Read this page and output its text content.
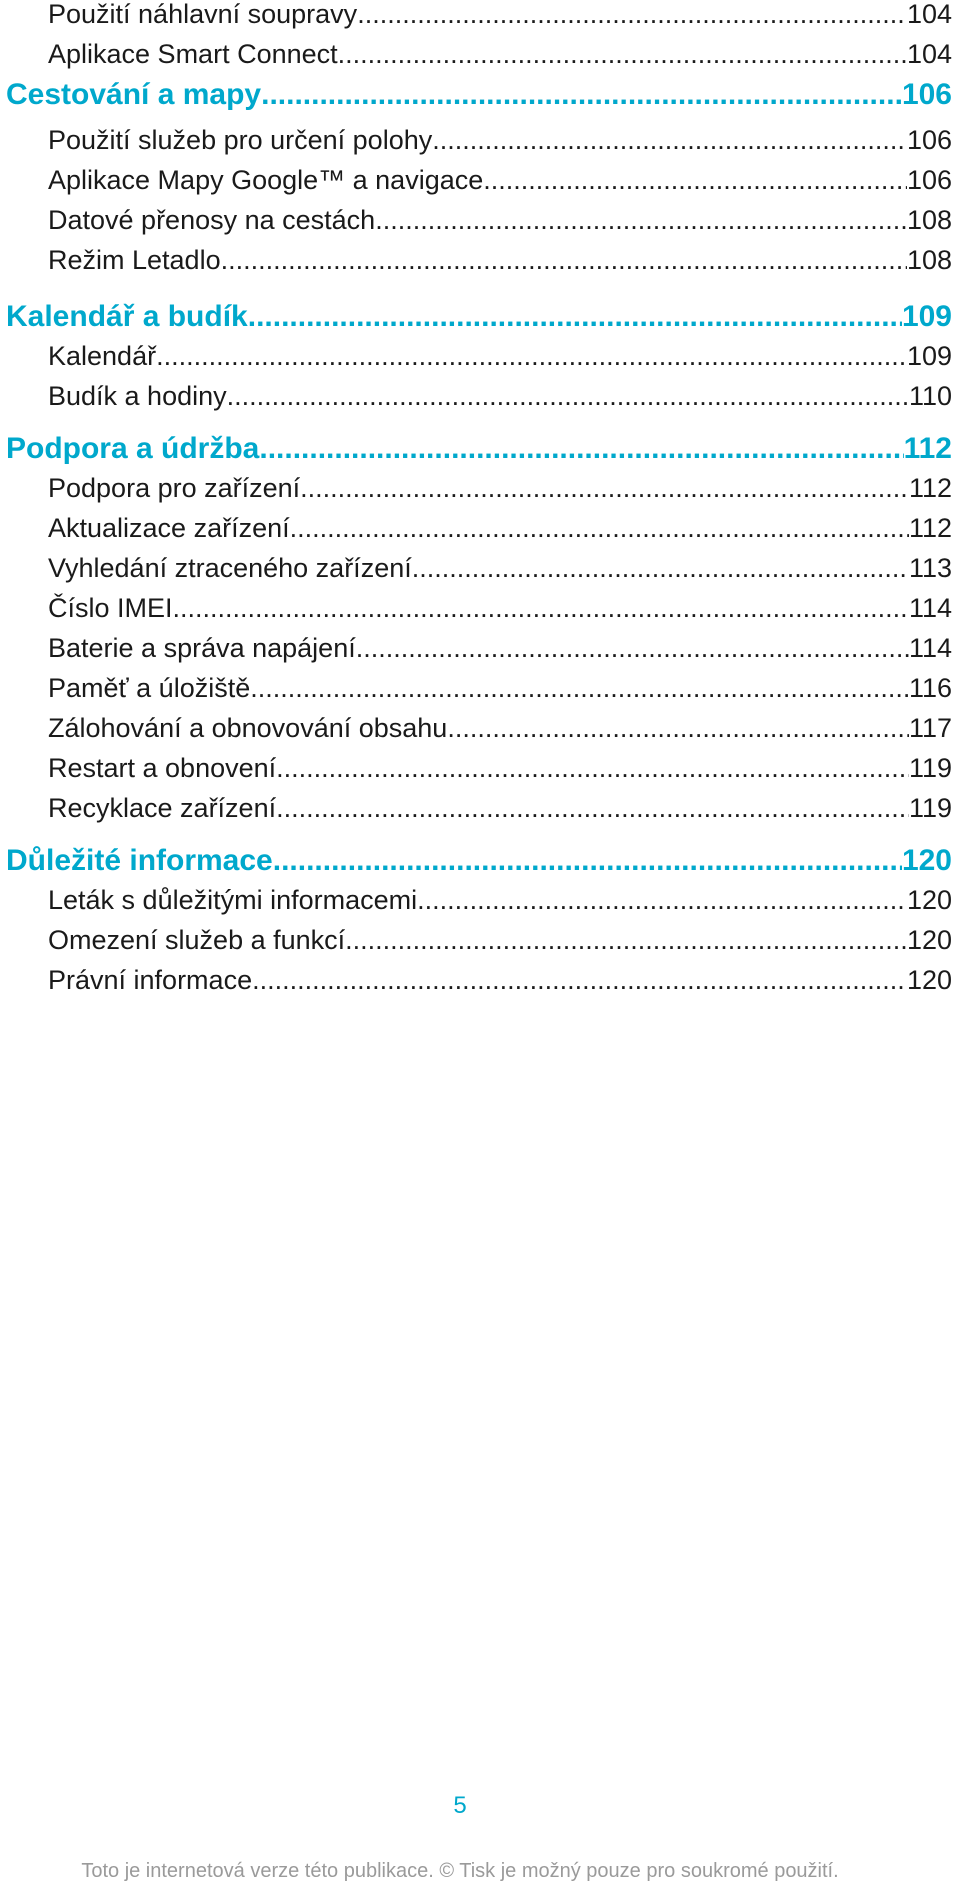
Použití náhlavní soupravy .....	104
Aplikace Smart Connect .....	104
Cestování a mapy .....	106
Použití služeb pro určení polohy .....	106
Aplikace Mapy Google™ a navigace .....	106
Datové přenosy na cestách .....	108
Režim Letadlo .....	108
Kalendář a budík .....	109
Kalendář .....	109
Budík a hodiny .....	110
Podpora a údržba .....	112
Podpora pro zařízení .....	112
Aktualizace zařízení .....	112
Vyhledání ztraceného zařízení .....	113
Číslo IMEI .....	114
Baterie a správa napájení .....	114
Paměť a úložiště .....	116
Zálohování a obnovování obsahu .....	117
Restart a obnovení .....	119
Recyklace zařízení .....	119
Důležité informace .....	120
Leták s důležitými informacemi .....	120
Omezení služeb a funkcí .....	120
Právní informace .....	120
5
Toto je internetová verze této publikace. © Tisk je možný pouze pro soukromé použití.
